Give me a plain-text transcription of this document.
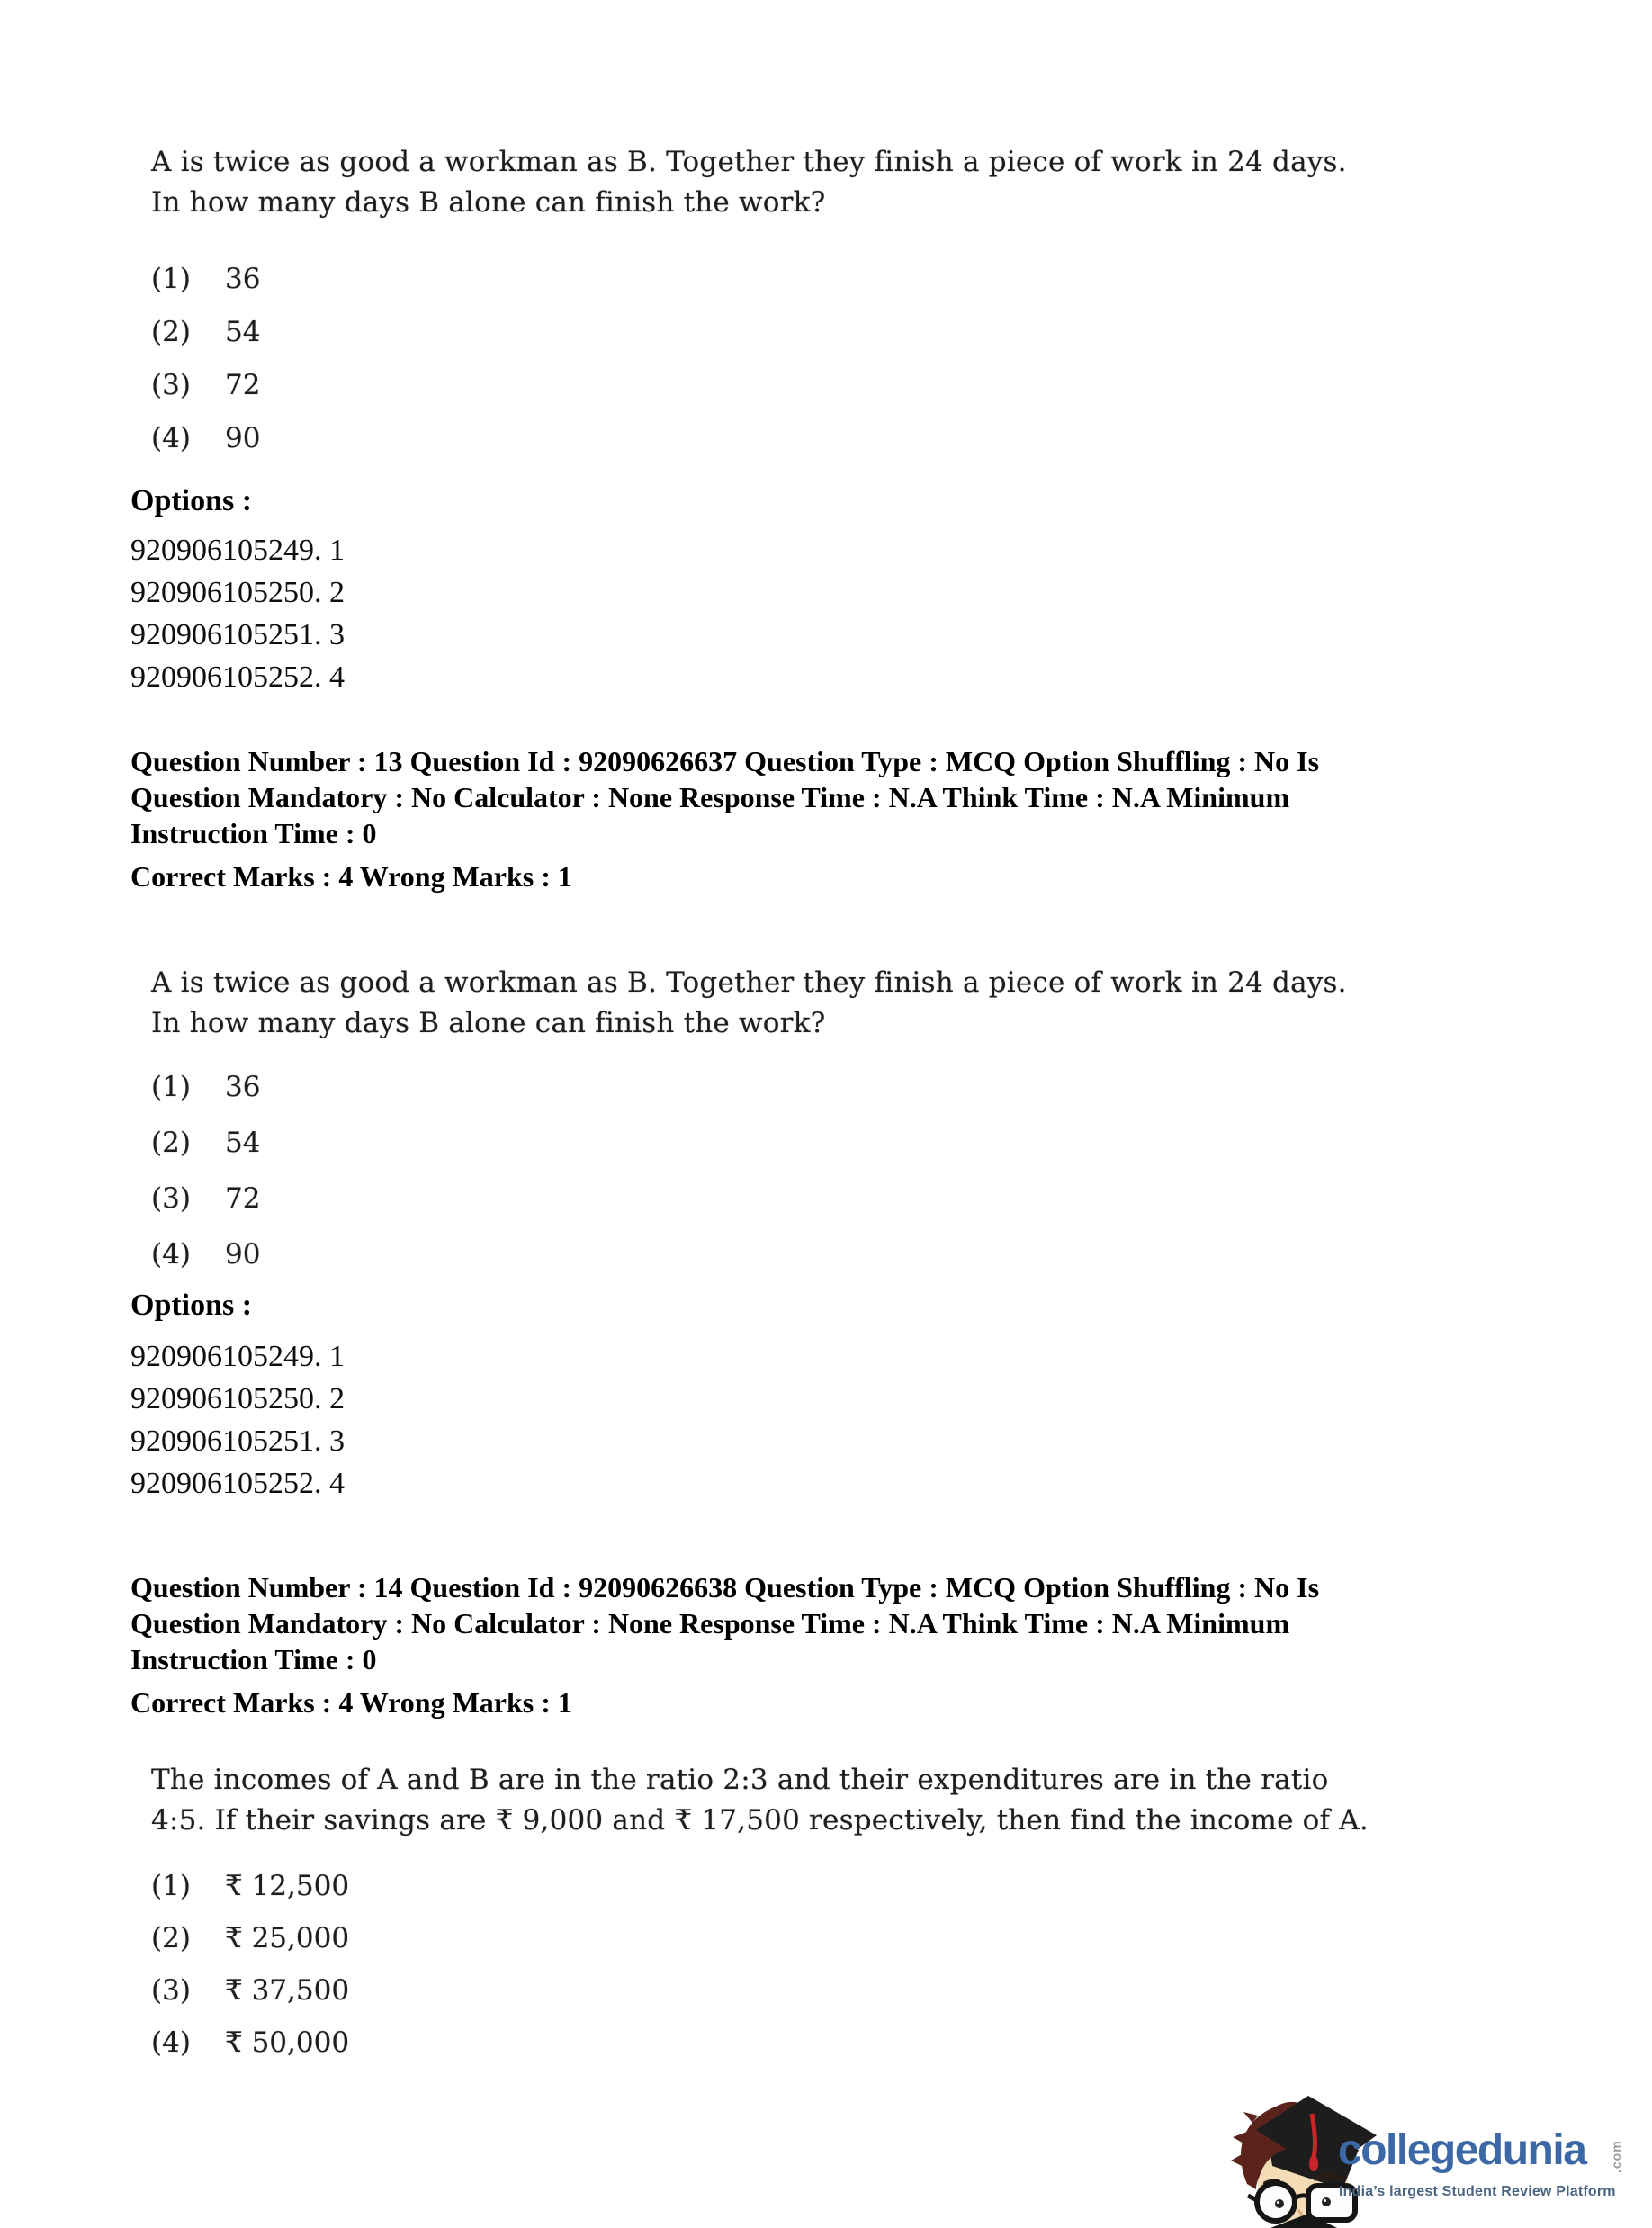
A is twice as good a workman as B. Together they finish a piece of work in 24 days.
In how many days B alone can finish the work?
(1)	36
(2)	54
(3)	72
(4)	90
Options :
920906105249. 1
920906105250. 2
920906105251. 3
920906105252. 4
Question Number : 13 Question Id : 92090626637 Question Type : MCQ Option Shuffling : No Is
Question Mandatory : No Calculator : None Response Time : N.A Think Time : N.A Minimum
Instruction Time : 0
Correct Marks : 4 Wrong Marks : 1
A is twice as good a workman as B. Together they finish a piece of work in 24 days.
In how many days B alone can finish the work?
(1)	36
(2)	54
(3)	72
(4)	90
Options :
920906105249. 1
920906105250. 2
920906105251. 3
920906105252. 4
Question Number : 14 Question Id : 92090626638 Question Type : MCQ Option Shuffling : No Is
Question Mandatory : No Calculator : None Response Time : N.A Think Time : N.A Minimum
Instruction Time : 0
Correct Marks : 4 Wrong Marks : 1
The incomes of A and B are in the ratio 2:3 and their expenditures are in the ratio
4:5. If their savings are ₹ 9,000 and ₹ 17,500 respectively, then find the income of A.
(1)	₹ 12,500
(2)	₹ 25,000
(3)	₹ 37,500
(4)	₹ 50,000
collegedunia .com
India’s largest Student Review Platform
